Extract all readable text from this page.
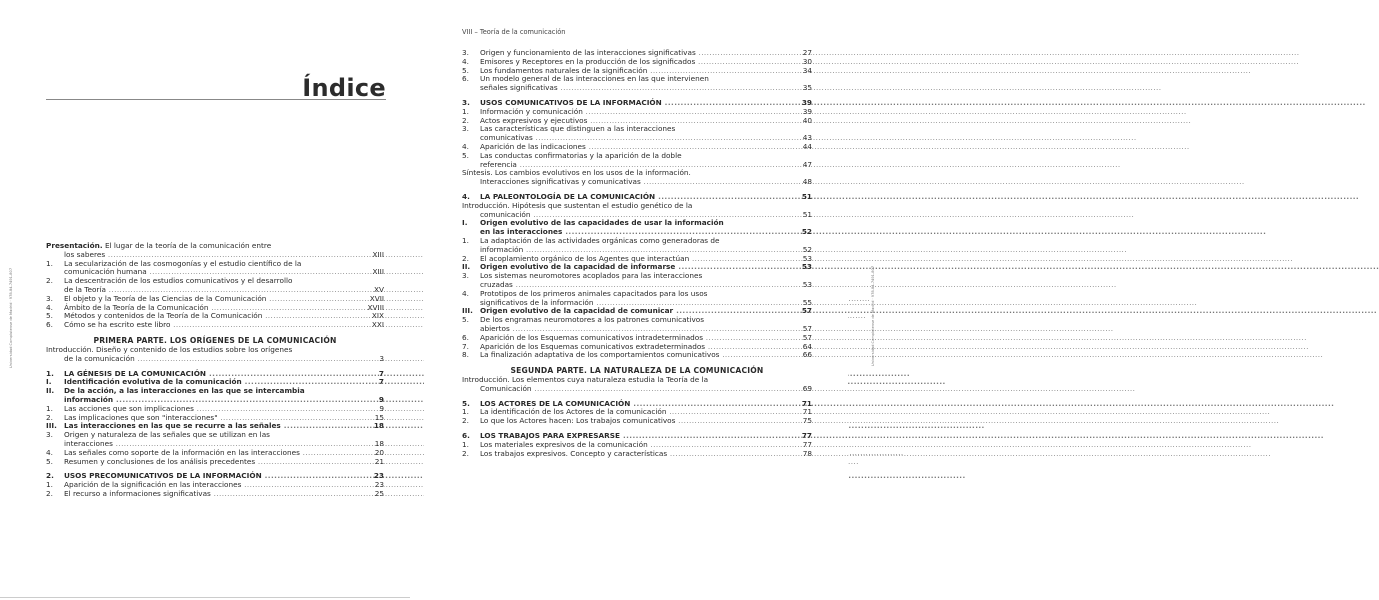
Universidad Complutense de Madrid · 978-84-7491-807
Índice
Presentación. El lugar de la teoría de la comunicación entre
los saberes .....	XIII
1. La secularización de las cosmogonías y el estudio científico de la
comunicación humana .....	XIII
2. La descentración de los estudios comunicativos y el desarrollo
de la Teoría .....	XV
3. El objeto y la Teoría de las Ciencias de la Comunicación .....	XVII
4. Ámbito de la Teoría de la Comunicación .....	XVIII
5. Métodos y contenidos de la Teoría de la Comunicación .....	XIX
6. Cómo se ha escrito este libro .....	XXI
PRIMERA PARTE. LOS ORÍGENES DE LA COMUNICACIÓN
Introducción. Diseño y contenido de los estudios sobre los orígenes
de la comunicación .....	3
1. LA GÉNESIS DE LA COMUNICACIÓN .....	7
I. Identificación evolutiva de la comunicación .....	7
II. De la acción, a las interacciones en las que se intercambia
información .....	9
1. Las acciones que son implicaciones .....	9
2. Las implicaciones que son "interacciones" .....	15
III. Las interacciones en las que se recurre a las señales .....	18
3. Origen y naturaleza de las señales que se utilizan en las
interacciones .....	18
4. Las señales como soporte de la información en las interacciones .....	20
5. Resumen y conclusiones de los análisis precedentes .....	21
2. USOS PRECOMUNICATIVOS DE LA INFORMACIÓN .....	23
1. Aparición de la significación en las interacciones .....	23
2. El recurso a informaciones significativas .....	25
VIII – Teoría de la comunicación
Universidad Complutense de Madrid · 978-84-7491-807
3. Origen y funcionamiento de las interacciones significativas .....	27
4. Emisores y Receptores en la producción de los significados .....	30
5. Los fundamentos naturales de la significación .....	34
6. Un modelo general de las interacciones en las que intervienen
señales significativas .....	35
3. USOS COMUNICATIVOS DE LA INFORMACIÓN .....	39
1. Información y comunicación .....	39
2. Actos expresivos y ejecutivos .....	40
3. Las características que distinguen a las interacciones
comunicativas .....	43
4. Aparición de las indicaciones .....	44
5. Las conductas confirmatorias y la aparición de la doble
referencia .....	47
Síntesis. Los cambios evolutivos en los usos de la información.
Interacciones significativas y comunicativas .....	48
4. LA PALEONTOLOGÍA DE LA COMUNICACIÓN .....	51
Introducción. Hipótesis que sustentan el estudio genético de la
comunicación .....	51
I. Origen evolutivo de las capacidades de usar la información
en las interacciones .....	52
1. La adaptación de las actividades orgánicas como generadoras de
información .....	52
2. El acoplamiento orgánico de los Agentes que interactúan .....	53
II. Origen evolutivo de la capacidad de informarse .....	53
3. Los sistemas neuromotores acoplados para las interacciones
cruzadas .....	53
4. Prototipos de los primeros animales capacitados para los usos
significativos de la información .....	55
III. Origen evolutivo de la capacidad de comunicar .....	57
5. De los engramas neuromotores a los patrones comunicativos
abiertos .....	57
6. Aparición de los Esquemas comunicativos intradeterminados .....	57
7. Aparición de los Esquemas comunicativos extradeterminados .....	64
8. La finalización adaptativa de los comportamientos comunicativos .....	66
SEGUNDA PARTE. LA NATURALEZA DE LA COMUNICACIÓN
Introducción. Los elementos cuya naturaleza estudia la Teoría de la
Comunicación .....	69
5. LOS ACTORES DE LA COMUNICACIÓN .....	71
1. La identificación de los Actores de la comunicación .....	71
2. Lo que los Actores hacen: Los trabajos comunicativos .....	75
6. LOS TRABAJOS PARA EXPRESARSE .....	77
1. Los materiales expresivos de la comunicación .....	77
2. Los trabajos expresivos. Concepto y características .....	78
